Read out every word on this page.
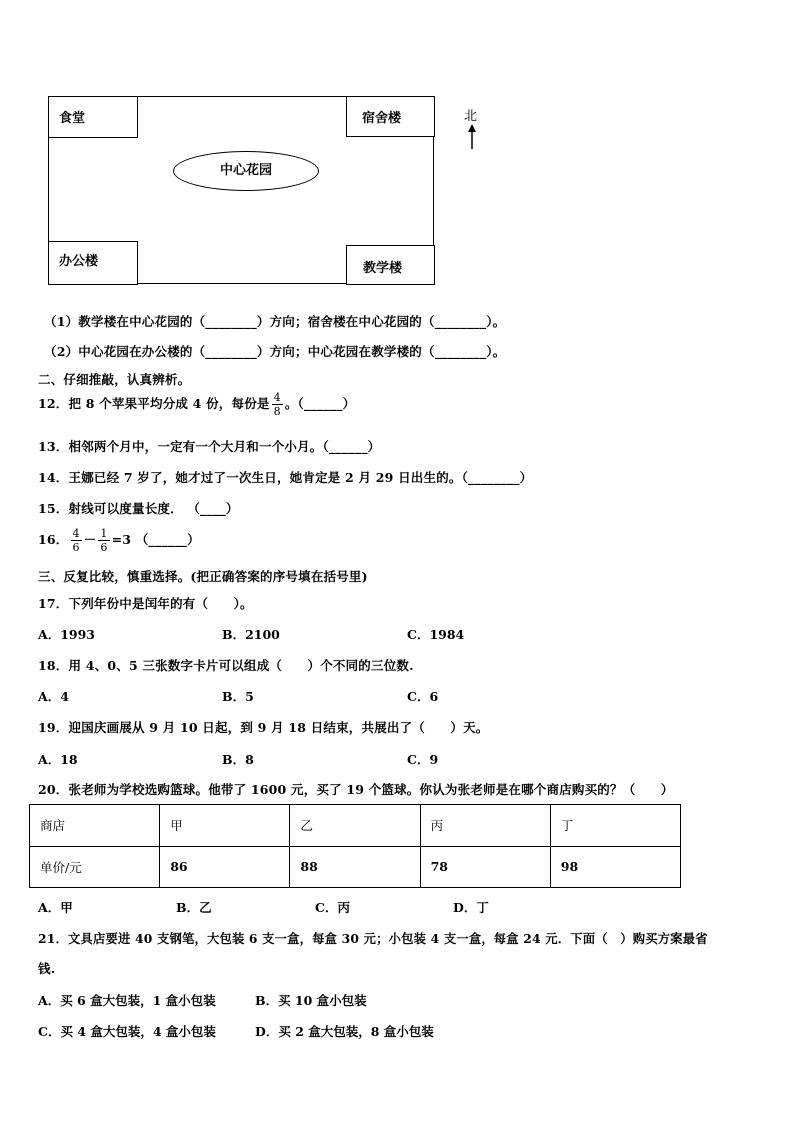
食堂	宿舍楼
办公楼	教学楼
中心花园
北
（1）教学楼在中心花园的（________）方向；宿舍楼在中心花园的（________）。
（2）中心花园在办公楼的（________）方向；中心花园在教学楼的（________）。
二、仔细推敲，认真辨析。
12．把 8 个苹果平均分成 4 份，每份是 $\frac{4}{8}$ 。（______）
13．相邻两个月中，一定有一个大月和一个小月。（______）
14．王娜已经 7 岁了，她才过了一次生日，她肯定是 2 月 29 日出生的。（________）
15．射线可以度量长度． （____）
16． $\frac{4}{6} - \frac{1}{6} =3$ （______）
三、反复比较，慎重选择。(把正确答案的序号填在括号里)
17．下列年份中是闰年的有（　　）。
A．1993	B．2100	C．1984
18．用 4、0、5 三张数字卡片可以组成（　　）个不同的三位数.
A．4	B．5	C．6
19．迎国庆画展从 9 月 10 日起，到 9 月 18 日结束，共展出了（　　）天。
A．18	B．8	C．9
20．张老师为学校选购篮球。他带了 1600 元，买了 19 个篮球。你认为张老师是在哪个商店购买的？（　　）
商店	甲	乙	丙	丁
单价/元	86	88	78	98
A．甲	B．乙	C．丙	D．丁
21．文具店要进 40 支钢笔，大包装 6 支一盒，每盒 30 元；小包装 4 支一盒，每盒 24 元．下面（　）购买方案最省
钱.
A．买 6 盒大包装，1 盒小包装	B．买 10 盒小包装
C．买 4 盒大包装，4 盒小包装	D．买 2 盒大包装，8 盒小包装
